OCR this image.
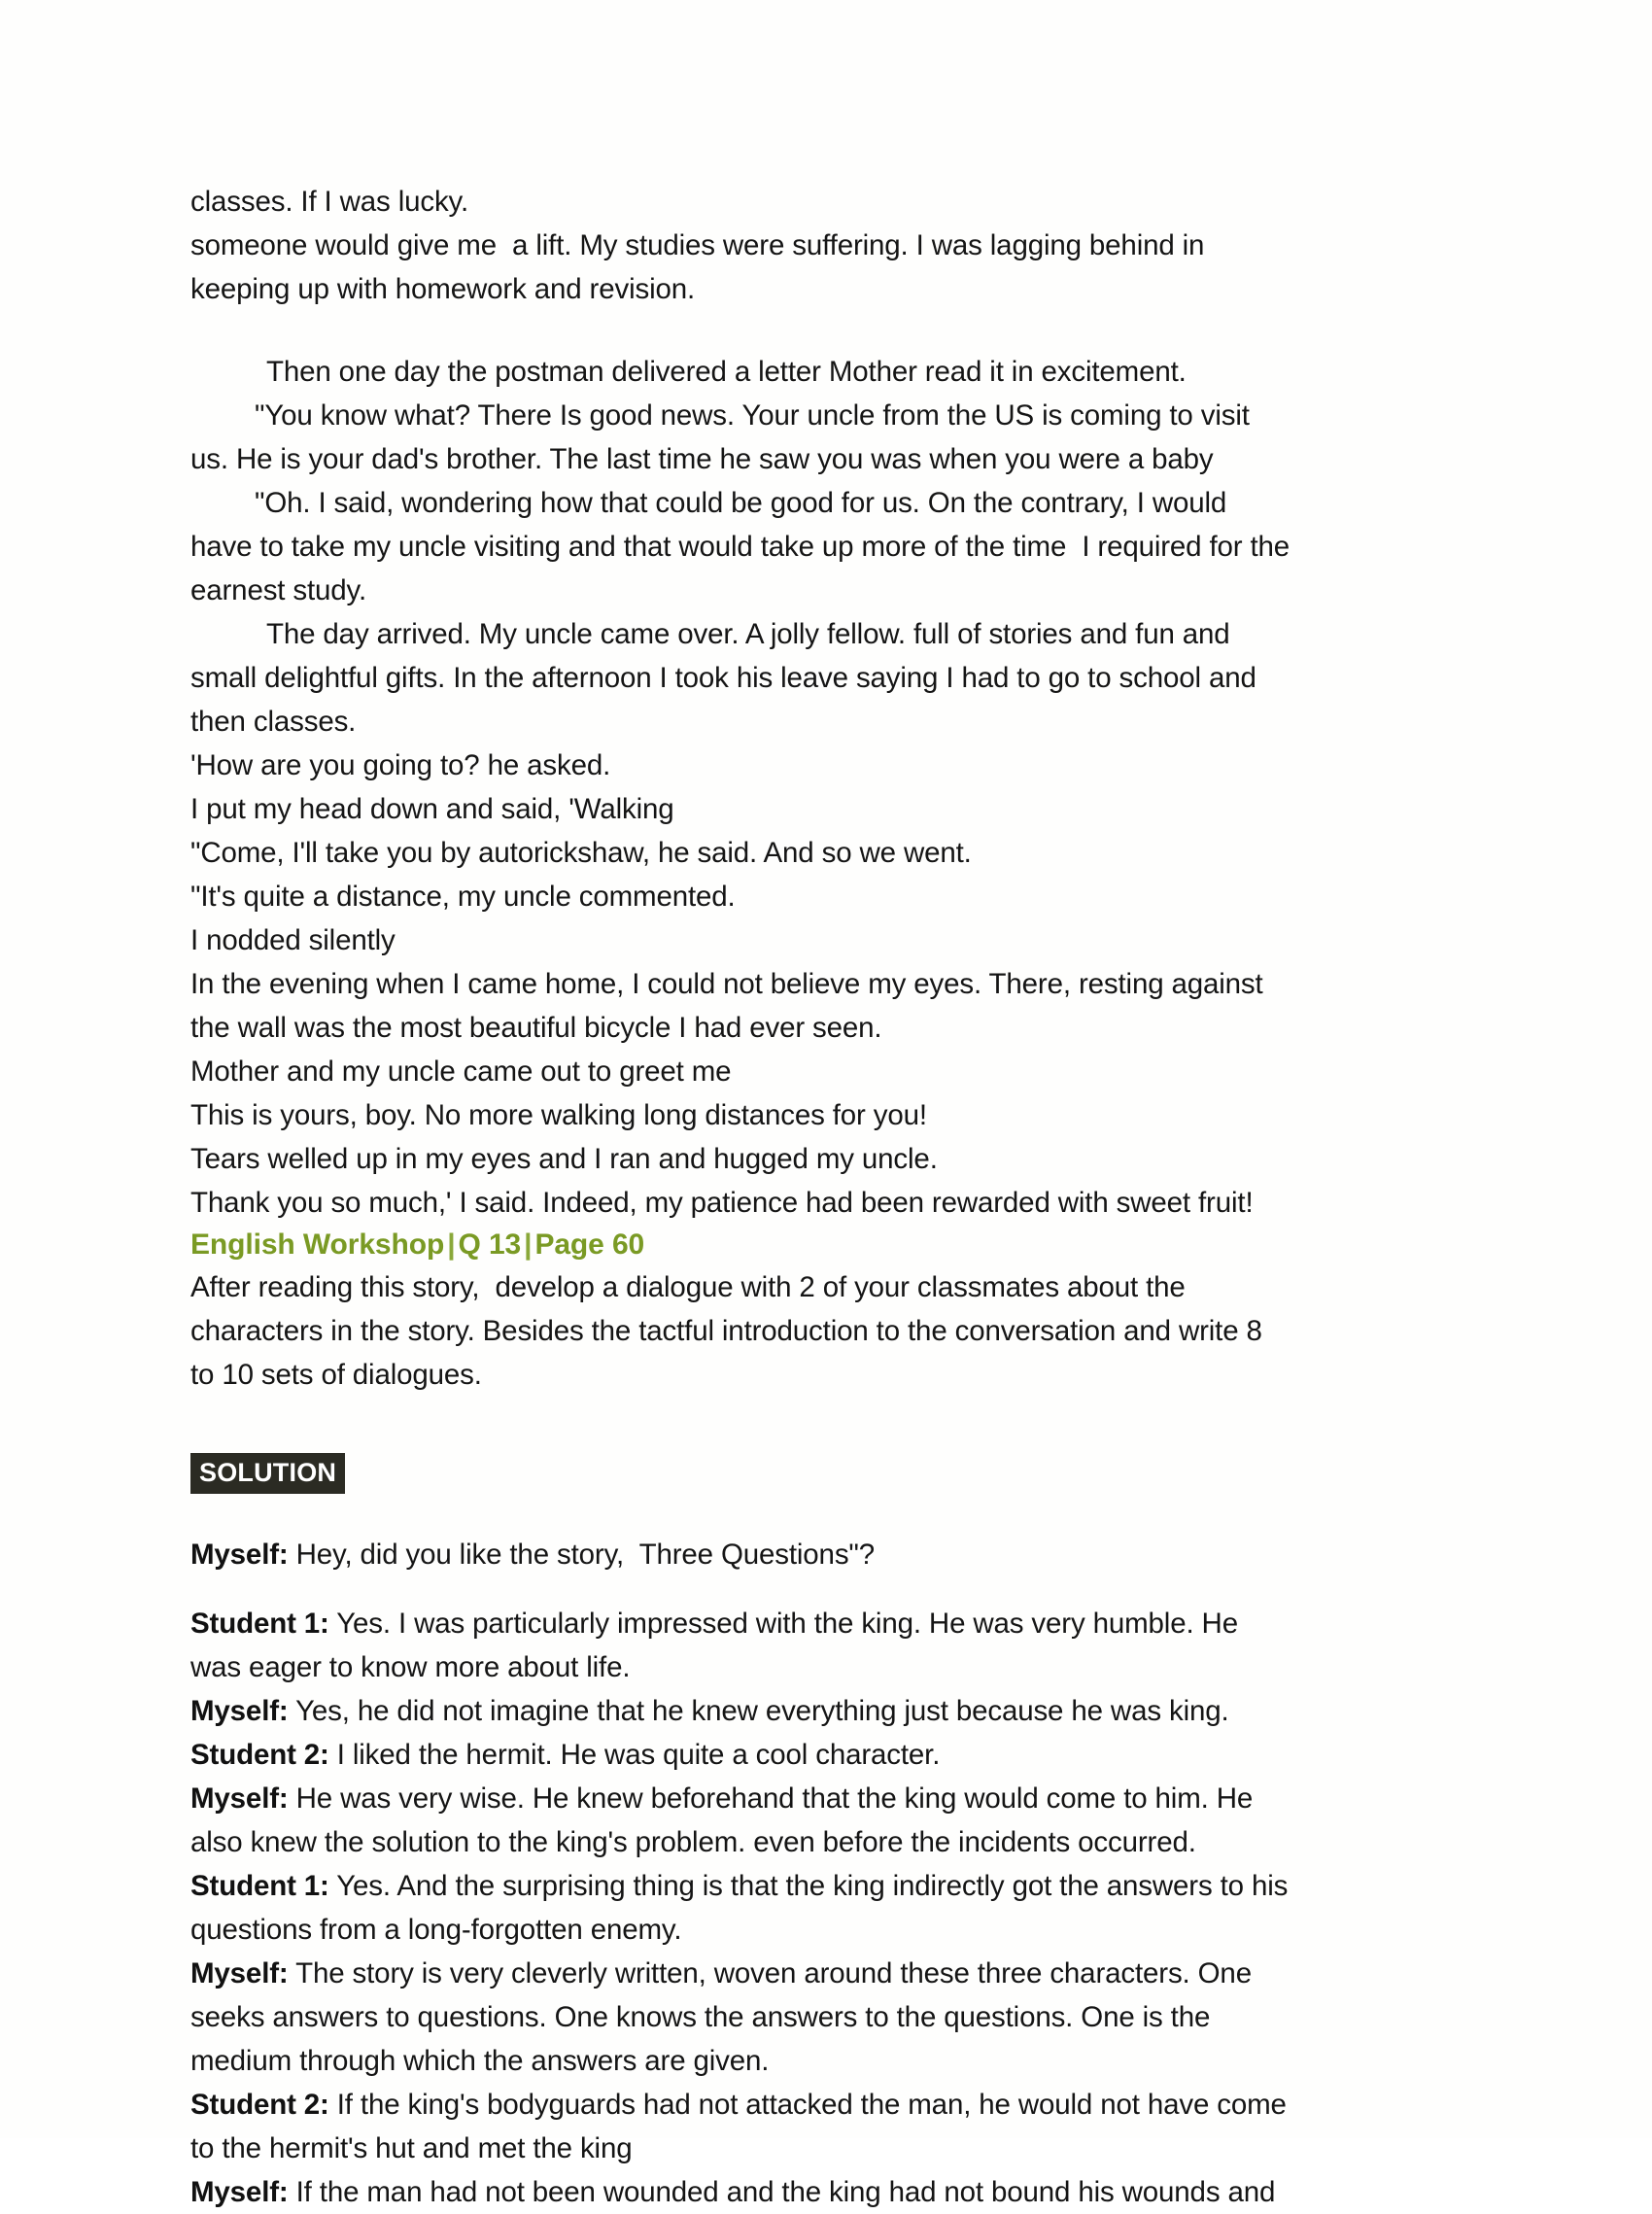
classes. If I was lucky.
someone would give me  a lift. My studies were suffering. I was lagging behind in
keeping up with homework and revision.
Then one day the postman delivered a letter Mother read it in excitement.
"You know what? There Is good news. Your uncle from the US is coming to visit
us. He is your dad's brother. The last time he saw you was when you were a baby
"Oh. I said, wondering how that could be good for us. On the contrary, I would
have to take my uncle visiting and that would take up more of the time  I required for the
earnest study.
The day arrived. My uncle came over. A jolly fellow. full of stories and fun and
small delightful gifts. In the afternoon I took his leave saying I had to go to school and
then classes.
'How are you going to? he asked.
I put my head down and said, 'Walking
"Come, I'll take you by autorickshaw, he said. And so we went.
"It's quite a distance, my uncle commented.
I nodded silently
In the evening when I came home, I could not believe my eyes. There, resting against
the wall was the most beautiful bicycle I had ever seen.
Mother and my uncle came out to greet me
This is yours, boy. No more walking long distances for you!
Tears welled up in my eyes and I ran and hugged my uncle.
Thank you so much,' I said. Indeed, my patience had been rewarded with sweet fruit!
English Workshop | Q 13 | Page 60
After reading this story,  develop a dialogue with 2 of your classmates about the
characters in the story. Besides the tactful introduction to the conversation and write 8
to 10 sets of dialogues.
SOLUTION
Myself: Hey, did you like the story,  Three Questions"?
Student 1: Yes. I was particularly impressed with the king. He was very humble. He
was eager to know more about life.
Myself: Yes, he did not imagine that he knew everything just because he was king.
Student 2: I liked the hermit. He was quite a cool character.
Myself: He was very wise. He knew beforehand that the king would come to him. He
also knew the solution to the king's problem. even before the incidents occurred.
Student 1: Yes. And the surprising thing is that the king indirectly got the answers to his
questions from a long-forgotten enemy.
Myself: The story is very cleverly written, woven around these three characters. One
seeks answers to questions. One knows the answers to the questions. One is the
medium through which the answers are given.
Student 2: If the king's bodyguards had not attacked the man, he would not have come
to the hermit's hut and met the king
Myself: If the man had not been wounded and the king had not bound his wounds and
